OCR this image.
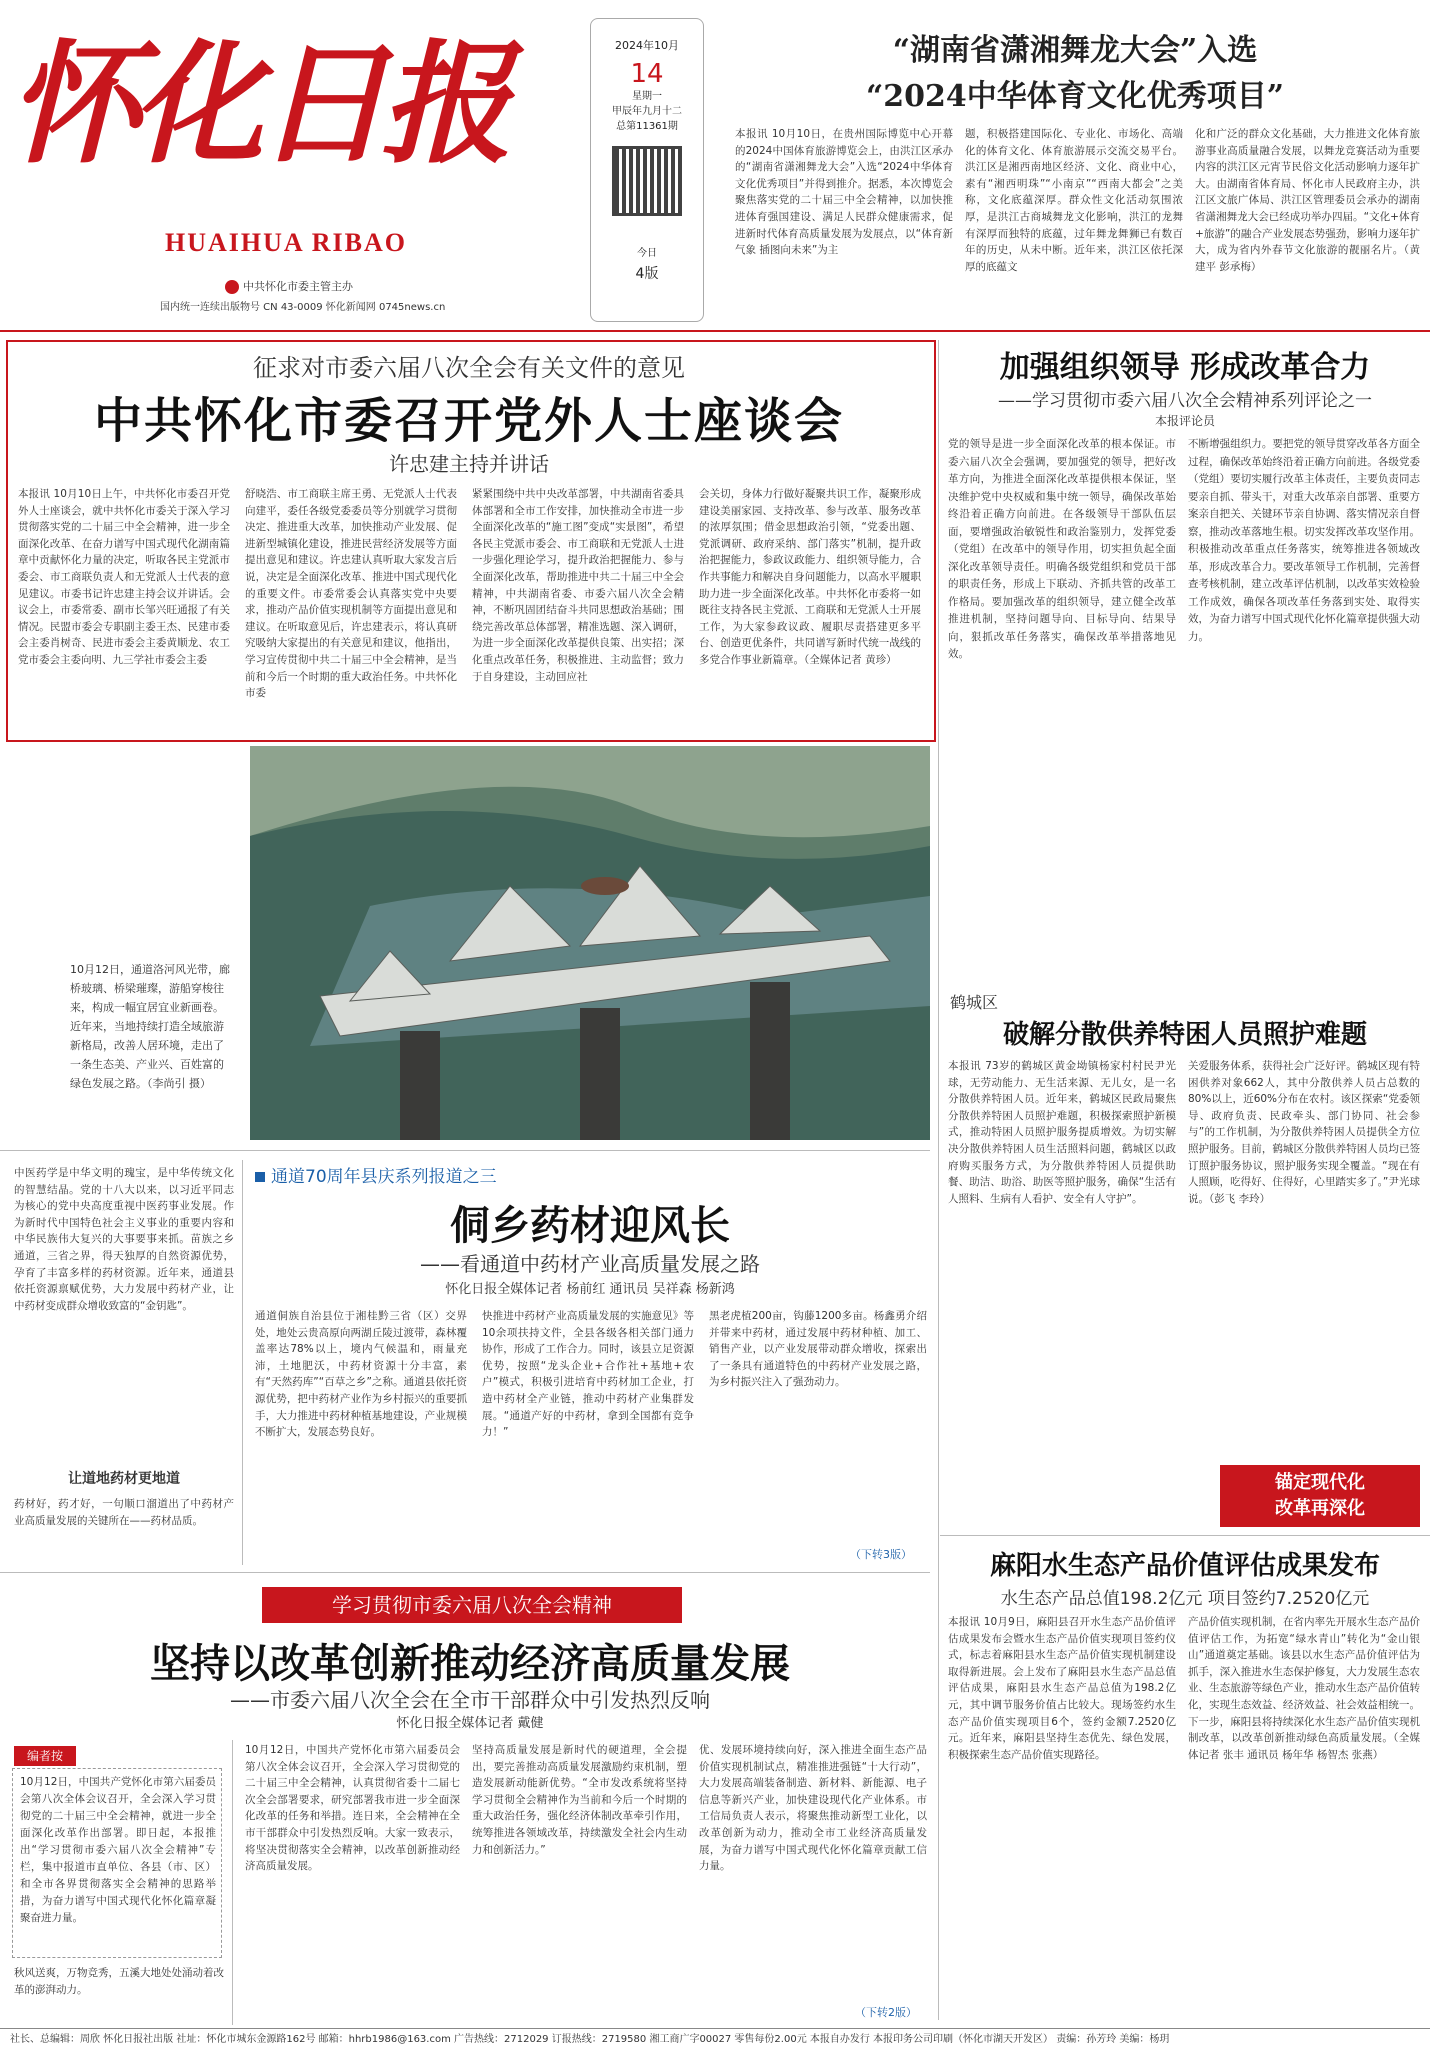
怀化日报
HUAIHUA RIBAO
中共怀化市委主管主办
国内统一连续出版物号 CN 43-0009 怀化新闻网 0745news.cn
2024年10月
14
星期一
甲辰年九月十二
总第11361期
今日
4版
“湖南省潇湘舞龙大会”入选
“2024中华体育文化优秀项目”
本报讯 10月10日，在贵州国际博览中心开幕的2024中国体育旅游博览会上，由洪江区承办的“湖南省潇湘舞龙大会”入选“2024中华体育文化优秀项目”并得到推介。据悉，本次博览会聚焦落实党的二十届三中全会精神，以加快推进体育强国建设、满足人民群众健康需求，促进新时代体育高质量发展为发展点，以“体育新气象 插图向未来”为主
题，积极搭建国际化、专业化、市场化、高端化的体育文化、体育旅游展示交流交易平台。洪江区是湘西南地区经济、文化、商业中心，素有“湘西明珠”“小南京”“西南大都会”之美称，文化底蕴深厚。群众性文化活动氛围浓厚，是洪江古商城舞龙文化影响，洪江的龙舞有深厚而独特的底蕴，过年舞龙舞狮已有数百年的历史，从未中断。近年来，洪江区依托深厚的底蕴文
化和广泛的群众文化基础，大力推进文化体育旅游事业高质量融合发展，以舞龙竞赛活动为重要内容的洪江区元宵节民俗文化活动影响力逐年扩大。由湖南省体育局、怀化市人民政府主办，洪江区文旅广体局、洪江区管理委员会承办的湖南省潇湘舞龙大会已经成功举办四届。“文化+体育+旅游”的融合产业发展态势强劲，影响力逐年扩大，成为省内外春节文化旅游的靓丽名片。（黄建平 彭承梅）
征求对市委六届八次全会有关文件的意见
中共怀化市委召开党外人士座谈会
许忠建主持并讲话
本报讯 10月10日上午，中共怀化市委召开党外人士座谈会，就中共怀化市委关于深入学习贯彻落实党的二十届三中全会精神，进一步全面深化改革、在奋力谱写中国式现代化湖南篇章中贡献怀化力量的决定，听取各民主党派市委会、市工商联负责人和无党派人士代表的意见建议。市委书记许忠建主持会议并讲话。会议会上，市委常委、副市长邹兴旺通报了有关情况。民盟市委会专职副主委王杰、民建市委会主委肖树奇、民进市委会主委黄顺龙、农工党市委会主委向明、九三学社市委会主委
舒晓浩、市工商联主席王勇、无党派人士代表向建平，委任各级党委委员等分别就学习贯彻决定、推进重大改革，加快推动产业发展、促进新型城镇化建设，推进民营经济发展等方面提出意见和建议。许忠建认真听取大家发言后说，决定是全面深化改革、推进中国式现代化的重要文件。市委常委会认真落实党中央要求，推动产品价值实现机制等方面提出意见和建议。在听取意见后，许忠建表示，将认真研究吸纳大家提出的有关意见和建议，他指出，学习宣传贯彻中共二十届三中全会精神，是当前和今后一个时期的重大政治任务。中共怀化市委
紧紧围绕中共中央改革部署，中共湖南省委具体部署和全市工作安排，加快推动全市进一步全面深化改革的“施工图”变成“实景图”，希望各民主党派市委会、市工商联和无党派人士进一步强化理论学习，提升政治把握能力、参与全面深化改革，帮助推进中共二十届三中全会精神，中共湖南省委、市委六届八次全会精神，不断巩固团结奋斗共同思想政治基础；围绕完善改革总体部署，精准选题、深入调研，为进一步全面深化改革提供良策、出实招；深化重点改革任务，积极推进、主动监督；致力于自身建设，主动回应社
会关切，身体力行做好凝聚共识工作，凝聚形成建设美丽家园、支持改革、参与改革、服务改革的浓厚氛围；借金思想政治引领，“党委出题、党派调研、政府采纳、部门落实”机制，提升政治把握能力，参政议政能力、组织领导能力，合作共事能力和解决自身问题能力，以高水平履职助力进一步全面深化改革。中共怀化市委将一如既往支持各民主党派、工商联和无党派人士开展工作，为大家参政议政、履职尽责搭建更多平台、创造更优条件，共同谱写新时代统一战线的多党合作事业新篇章。（全媒体记者 黄珍）
加强组织领导 形成改革合力
——学习贯彻市委六届八次全会精神系列评论之一
本报评论员
党的领导是进一步全面深化改革的根本保证。市委六届八次全会强调，要加强党的领导，把好改革方向，为推进全面深化改革提供根本保证，坚决维护党中央权威和集中统一领导，确保改革始终沿着正确方向前进。在各级领导干部队伍层面，要增强政治敏锐性和政治鉴别力，发挥党委（党组）在改革中的领导作用，切实担负起全面深化改革领导责任。明确各级党组织和党员干部的职责任务，形成上下联动、齐抓共管的改革工作格局。要加强改革的组织领导，建立健全改革推进机制，坚持问题导向、目标导向、结果导向，狠抓改革任务落实，确保改革举措落地见效。
不断增强组织力。要把党的领导贯穿改革各方面全过程，确保改革始终沿着正确方向前进。各级党委（党组）要切实履行改革主体责任，主要负责同志要亲自抓、带头干，对重大改革亲自部署、重要方案亲自把关、关键环节亲自协调、落实情况亲自督察，推动改革落地生根。切实发挥改革攻坚作用。积极推动改革重点任务落实，统筹推进各领域改革，形成改革合力。要改革领导工作机制，完善督查考核机制，建立改革评估机制，以改革实效检验工作成效，确保各项改革任务落到实处、取得实效，为奋力谱写中国式现代化怀化篇章提供强大动力。
10月12日，通道洛河风光带，廊桥玻璃、桥梁璀璨，游船穿梭往来，构成一幅宜居宜业新画卷。近年来，当地持续打造全域旅游新格局，改善人居环境，走出了一条生态美、产业兴、百姓富的绿色发展之路。（李尚引 摄）
中医药学是中华文明的瑰宝，是中华传统文化的智慧结晶。党的十八大以来，以习近平同志为核心的党中央高度重视中医药事业发展。作为新时代中国特色社会主义事业的重要内容和中华民族伟大复兴的大事要事来抓。苗族之乡通道，三省之界，得天独厚的自然资源优势，孕育了丰富多样的药材资源。近年来，通道县依托资源禀赋优势，大力发展中药材产业，让中药材变成群众增收致富的“金钥匙”。
让道地药材更地道
药材好，药才好，一句顺口溜道出了中药材产业高质量发展的关键所在——药材品质。
通道70周年县庆系列报道之三
侗乡药材迎风长
——看通道中药材产业高质量发展之路
怀化日报全媒体记者 杨前红 通讯员 吴祥森 杨新鸿
通道侗族自治县位于湘桂黔三省（区）交界处，地处云贵高原向两湖丘陵过渡带，森林覆盖率达78%以上，境内气候温和，雨量充沛，土地肥沃，中药材资源十分丰富，素有“天然药库”“百草之乡”之称。通道县依托资源优势，把中药材产业作为乡村振兴的重要抓手，大力推进中药材种植基地建设，产业规模不断扩大，发展态势良好。
快推进中药材产业高质量发展的实施意见》等10余项扶持文件，全县各级各相关部门通力协作，形成了工作合力。同时，该县立足资源优势，按照“龙头企业+合作社+基地+农户”模式，积极引进培育中药材加工企业，打造中药材全产业链，推动中药材产业集群发展。“通道产好的中药材，拿到全国都有竞争力！”
黑老虎植200亩，钩藤1200多亩。杨鑫勇介绍并带来中药材，通过发展中药材种植、加工、销售产业，以产业发展带动群众增收，探索出了一条具有通道特色的中药材产业发展之路，为乡村振兴注入了强劲动力。
（下转3版）
鹤城区
破解分散供养特困人员照护难题
本报讯 73岁的鹤城区黄金坳镇杨家村村民尹光球，无劳动能力、无生活来源、无儿女，是一名分散供养特困人员。近年来，鹤城区民政局聚焦分散供养特困人员照护难题，积极探索照护新模式，推动特困人员照护服务提质增效。为切实解决分散供养特困人员生活照料问题，鹤城区以政府购买服务方式，为分散供养特困人员提供助餐、助洁、助浴、助医等照护服务，确保“生活有人照料、生病有人看护、安全有人守护”。
关爱服务体系，获得社会广泛好评。鹤城区现有特困供养对象662人，其中分散供养人员占总数的80%以上，近60%分布在农村。该区探索“党委领导、政府负责、民政牵头、部门协同、社会参与”的工作机制，为分散供养特困人员提供全方位照护服务。目前，鹤城区分散供养特困人员均已签订照护服务协议，照护服务实现全覆盖。“现在有人照顾，吃得好、住得好，心里踏实多了。”尹光球说。（彭飞 李玲）
锚定现代化
改革再深化
麻阳水生态产品价值评估成果发布
水生态产品总值198.2亿元 项目签约7.2520亿元
本报讯 10月9日，麻阳县召开水生态产品价值评估成果发布会暨水生态产品价值实现项目签约仪式，标志着麻阳县水生态产品价值实现机制建设取得新进展。会上发布了麻阳县水生态产品总值评估成果，麻阳县水生态产品总值为198.2亿元，其中调节服务价值占比较大。现场签约水生态产品价值实现项目6个，签约金额7.2520亿元。近年来，麻阳县坚持生态优先、绿色发展，积极探索生态产品价值实现路径。
产品价值实现机制，在省内率先开展水生态产品价值评估工作，为拓宽“绿水青山”转化为“金山银山”通道奠定基础。该县以水生态产品价值评估为抓手，深入推进水生态保护修复，大力发展生态农业、生态旅游等绿色产业，推动水生态产品价值转化，实现生态效益、经济效益、社会效益相统一。下一步，麻阳县将持续深化水生态产品价值实现机制改革，以改革创新推动绿色高质量发展。（全媒体记者 张丰 通讯员 杨年华 杨智杰 张燕）
学习贯彻市委六届八次全会精神
坚持以改革创新推动经济高质量发展
——市委六届八次全会在全市干部群众中引发热烈反响
怀化日报全媒体记者 戴健
编者按
10月12日，中国共产党怀化市第六届委员会第八次全体会议召开，全会深入学习贯彻党的二十届三中全会精神，就进一步全面深化改革作出部署。即日起，本报推出“学习贯彻市委六届八次全会精神”专栏，集中报道市直单位、各县（市、区）和全市各界贯彻落实全会精神的思路举措，为奋力谱写中国式现代化怀化篇章凝聚奋进力量。
秋风送爽，万物竞秀，五溪大地处处涌动着改革的澎湃动力。
10月12日，中国共产党怀化市第六届委员会第八次全体会议召开，全会深入学习贯彻党的二十届三中全会精神，认真贯彻省委十二届七次全会部署要求，研究部署我市进一步全面深化改革的任务和举措。连日来，全会精神在全市干部群众中引发热烈反响。大家一致表示，将坚决贯彻落实全会精神，以改革创新推动经济高质量发展。
坚持高质量发展是新时代的硬道理，全会提出，要完善推动高质量发展激励约束机制，塑造发展新动能新优势。“全市发改系统将坚持学习贯彻全会精神作为当前和今后一个时期的重大政治任务，强化经济体制改革牵引作用，统筹推进各领域改革，持续激发全社会内生动力和创新活力。”
优、发展环境持续向好，深入推进全面生态产品价值实现机制试点，精准推进强链“十大行动”，大力发展高端装备制造、新材料、新能源、电子信息等新兴产业，加快建设现代化产业体系。市工信局负责人表示，将聚焦推动新型工业化，以改革创新为动力，推动全市工业经济高质量发展，为奋力谱写中国式现代化怀化篇章贡献工信力量。
（下转2版）
社长、总编辑：周欣 怀化日报社出版 社址：怀化市城东金源路162号 邮箱：hhrb1986@163.com 广告热线：2712029 订报热线：2719580 湘工商广字00027 零售每份2.00元 本报自办发行 本报印务公司印刷（怀化市湖天开发区） 责编：孙芳玲 美编：杨玥
